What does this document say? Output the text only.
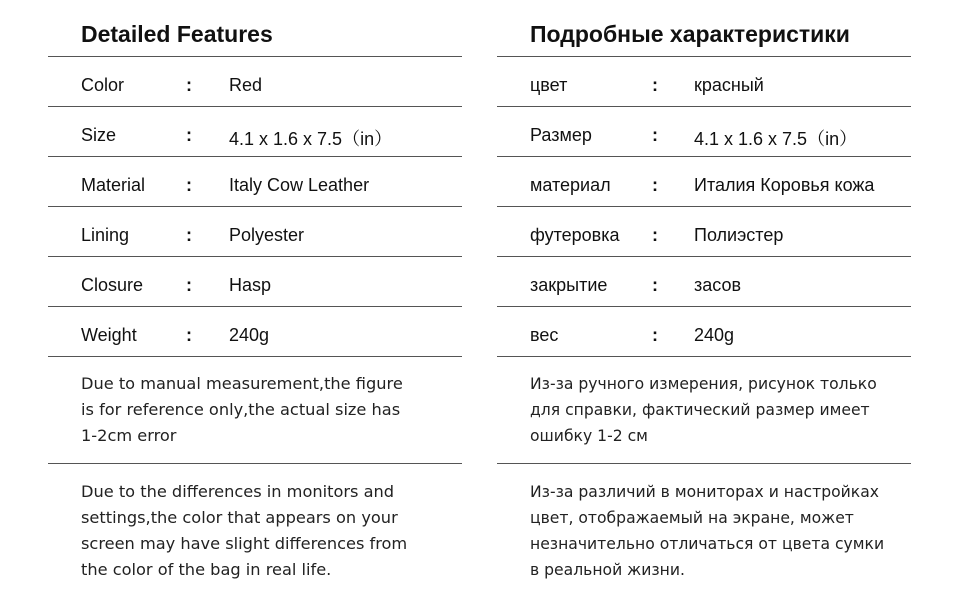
Detailed Features
Color	: Red
Size	: 4.1 x 1.6 x 7.5（in）
Material : Italy Cow Leather
Lining	: Polyester
Closure : Hasp
Weight	: 240g
Due to manual measurement,the figure
is for reference only,the actual size has
1-2cm error
Due to the differences in monitors and
settings,the color that appears on your
screen may have slight differences from
the color of the bag in real life.
Подробные характеристики
цвет	: красный
Размер	: 4.1 x 1.6 x 7.5（in）
материал : Италия Коровья кожа
футеровка : Полиэстер
закрытие : засов
вес	: 240g
Из-за ручного измерения, рисунок только
для справки, фактический размер имеет
ошибку 1-2 см
Из-за различий в мониторах и настройках
цвет, отображаемый на экране, может
незначительно отличаться от цвета сумки
в реальной жизни.
